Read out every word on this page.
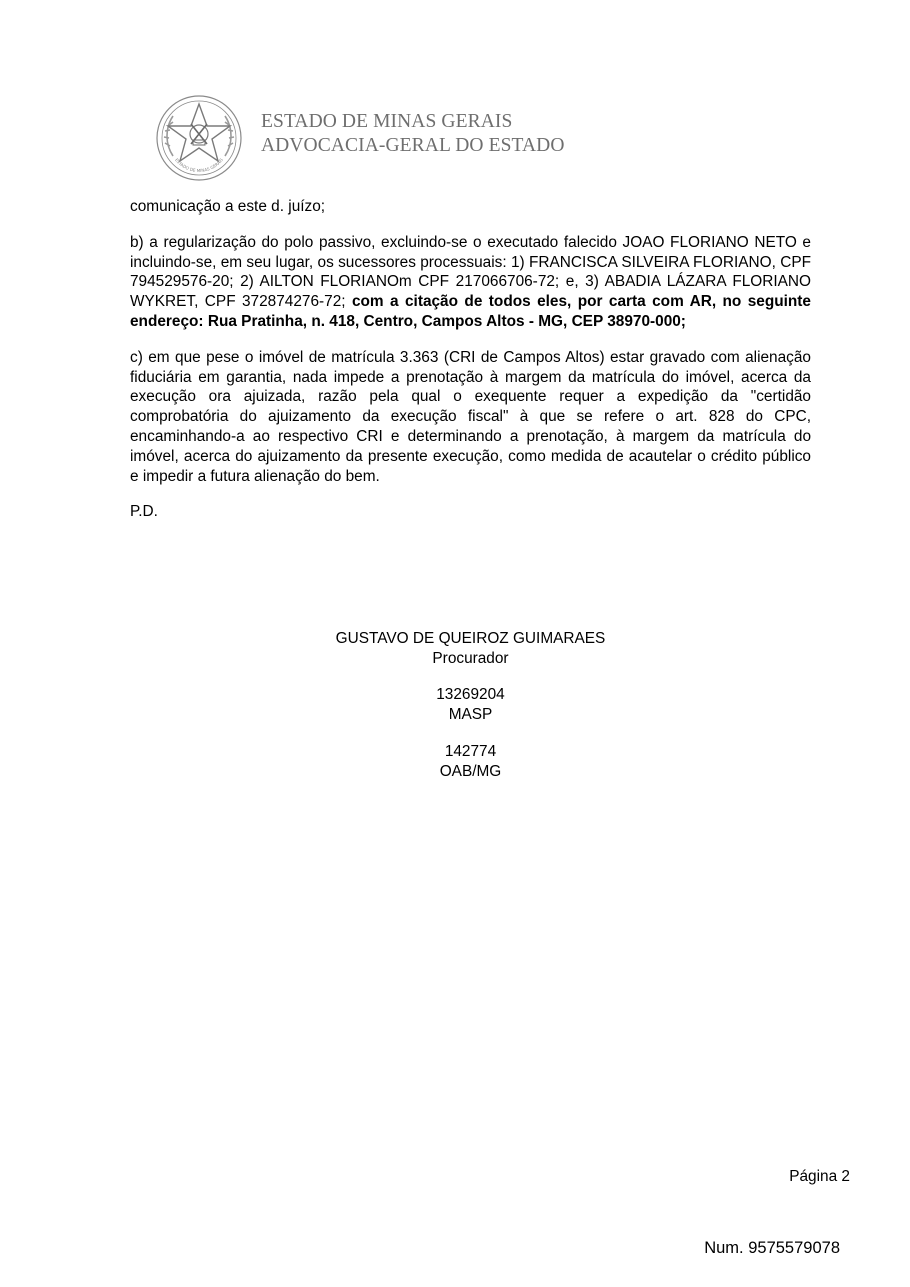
ESTADO DE MINAS GERAIS
ESTADO DE MINAS GERAIS
ADVOCACIA-GERAL DO ESTADO

comunicação a este d. juízo;

b) a regularização do polo passivo, excluindo-se o executado falecido JOAO FLORIANO NETO e incluindo-se, em seu lugar, os sucessores processuais: 1) FRANCISCA SILVEIRA FLORIANO, CPF 794529576-20; 2) AILTON FLORIANOm CPF 217066706-72; e, 3) ABADIA LÁZARA FLORIANO WYKRET, CPF 372874276-72; com a citação de todos eles, por carta com AR, no seguinte endereço: Rua Pratinha, n. 418, Centro, Campos Altos - MG, CEP 38970-000;

c) em que pese o imóvel de matrícula 3.363 (CRI de Campos Altos) estar gravado com alienação fiduciária em garantia, nada impede a prenotação à margem da matrícula do imóvel, acerca da execução ora ajuizada, razão pela qual o exequente requer a expedição da "certidão comprobatória do ajuizamento da execução fiscal" à que se refere o art. 828 do CPC, encaminhando-a ao respectivo CRI e determinando a prenotação, à margem da matrícula do imóvel, acerca do ajuizamento da presente execução, como medida de acautelar o crédito público e impedir a futura alienação do bem.

P.D.

GUSTAVO DE QUEIROZ GUIMARAES
Procurador
13269204
MASP
142774
OAB/MG
Página 2
Num. 9575579078
